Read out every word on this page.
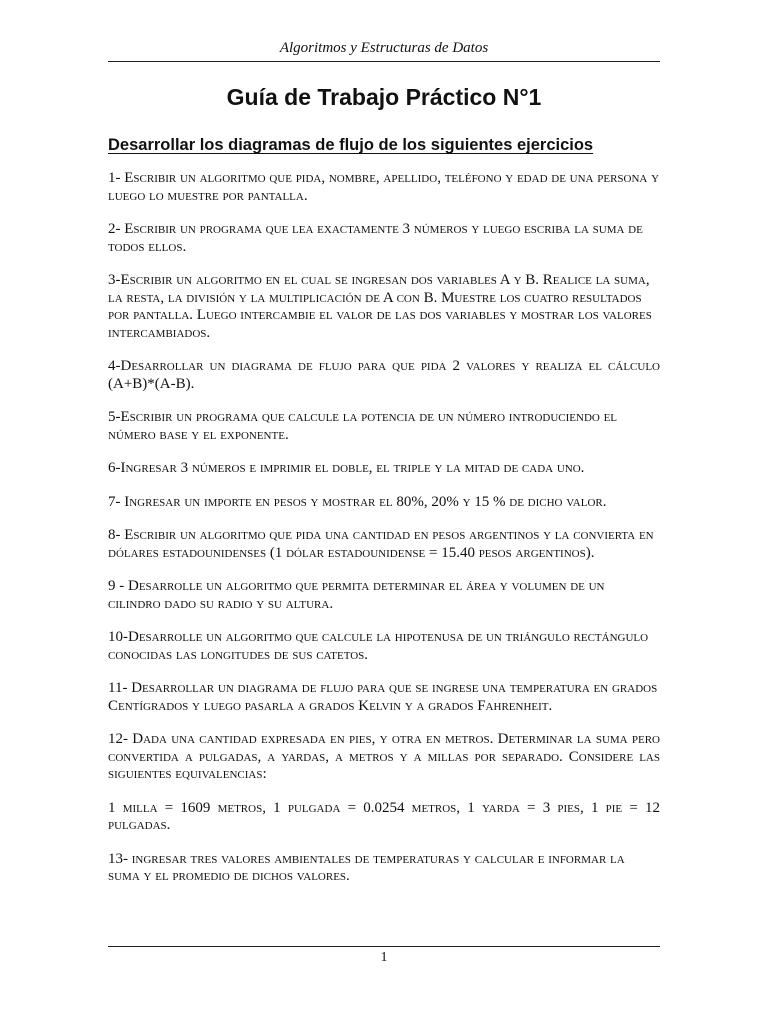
Algoritmos y Estructuras de Datos
Guía de Trabajo Práctico N°1
Desarrollar los diagramas de flujo de los siguientes ejercicios

1- Escribir un algoritmo que pida, nombre, apellido, teléfono y edad de una persona y luego lo muestre por pantalla.

2- Escribir un programa que lea exactamente 3 números y luego escriba la suma de todos ellos.

3-Escribir un algoritmo en el cual se ingresan dos variables A y B. Realice la suma, la resta, la división y la multiplicación de A con B. Muestre los cuatro resultados por pantalla. Luego intercambie el valor de las dos variables y mostrar los valores intercambiados.

4-Desarrollar un diagrama de flujo para que pida 2 valores y realiza el cálculo (A+B)*(A-B).

5-Escribir un programa que calcule la potencia de un número introduciendo el número base y el exponente.

6-Ingresar 3 números e imprimir el doble, el triple y la mitad de cada uno.

7- Ingresar un importe en pesos y mostrar el 80%, 20% y 15 % de dicho valor.

8- Escribir un algoritmo que pida una cantidad en pesos argentinos y la convierta en dólares estadounidenses (1 dólar estadounidense = 15.40 pesos argentinos).

9 - Desarrolle un algoritmo que permita determinar el área y volumen de un cilindro dado su radio y su altura.

10-Desarrolle un algoritmo que calcule la hipotenusa de un triángulo rectángulo conocidas las longitudes de sus catetos.

11- Desarrollar un diagrama de flujo para que se ingrese una temperatura en grados Centígrados y luego pasarla a grados Kelvin y a grados Fahrenheit.

12- Dada una cantidad expresada en pies, y otra en metros. Determinar la suma pero convertida a pulgadas, a yardas, a metros y a millas por separado. Considere las siguientes equivalencias:

1 milla = 1609 metros, 1 pulgada = 0.0254 metros, 1 yarda = 3 pies, 1 pie = 12 pulgadas.

13- ingresar tres valores ambientales de temperaturas y calcular e informar la suma y el promedio de dichos valores.

1
